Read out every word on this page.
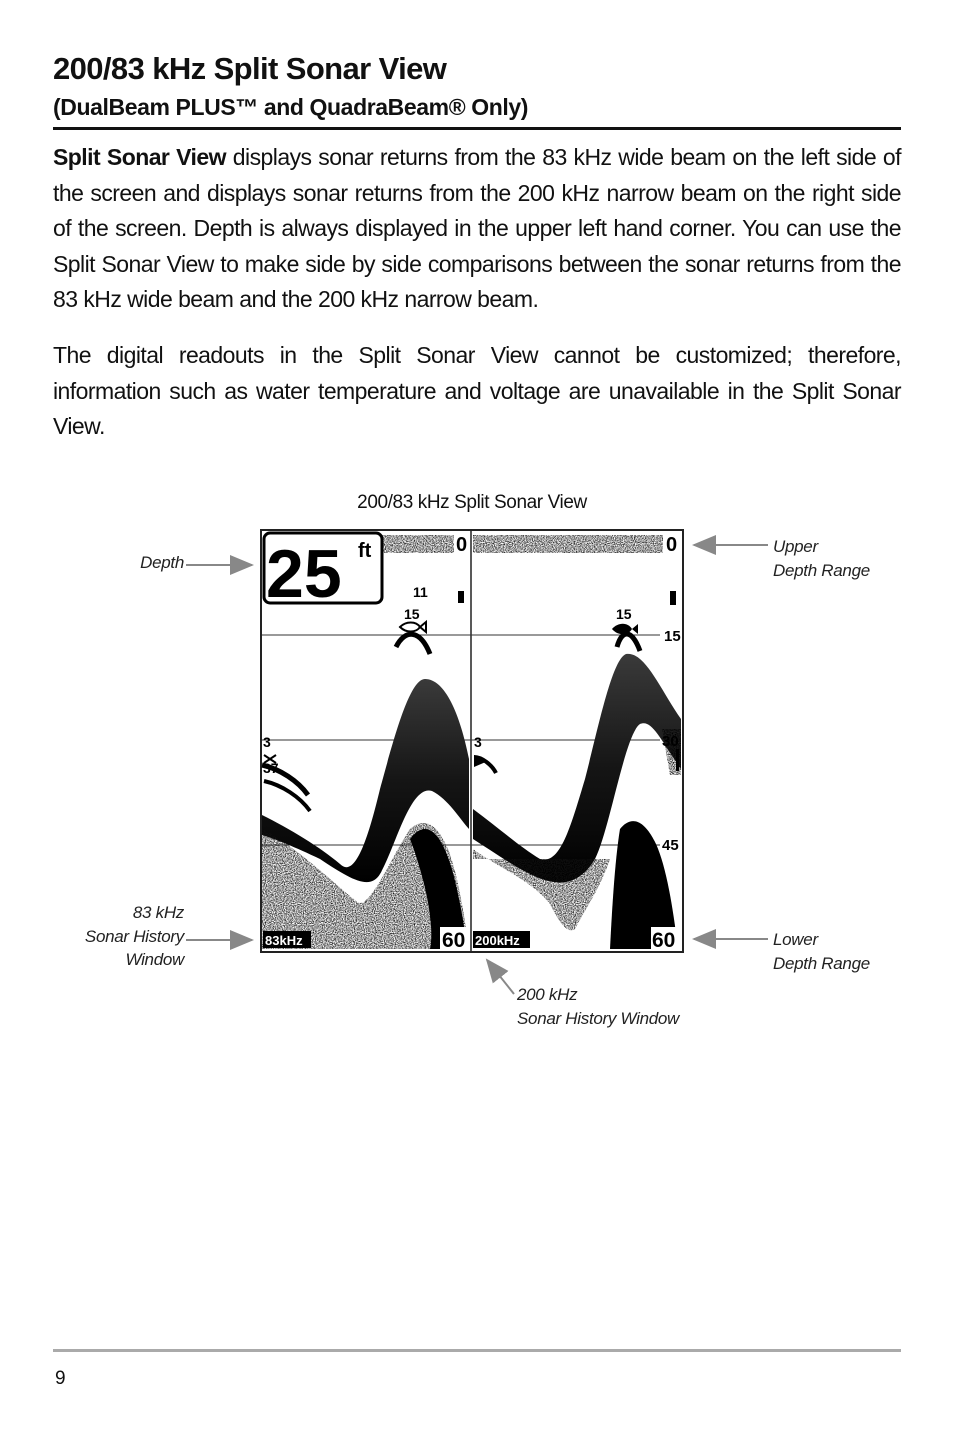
200/83 kHz Split Sonar View
(DualBeam PLUS™ and QuadraBeam® Only)

Split Sonar View displays sonar returns from the 83 kHz wide beam on the left side of the screen and displays sonar returns from the 200 kHz narrow beam on the right side of the screen. Depth is always displayed in the upper left hand corner. You can use the Split Sonar View to make side by side comparisons between the sonar returns from the 83 kHz wide beam and the 200 kHz narrow beam.

The digital readouts in the Split Sonar View cannot be customized; therefore, information such as water temperature and voltage are unavailable in the Split Sonar View.

200/83 kHz Split Sonar View
25 ft	0	0
15
30
45
11
15
3
37
15
3
83kHz	200kHz
60	60
Depth
Upper
Depth Range
83 kHz
Sonar History
Window
Lower
Depth Range
200 kHz
Sonar History Window
9
